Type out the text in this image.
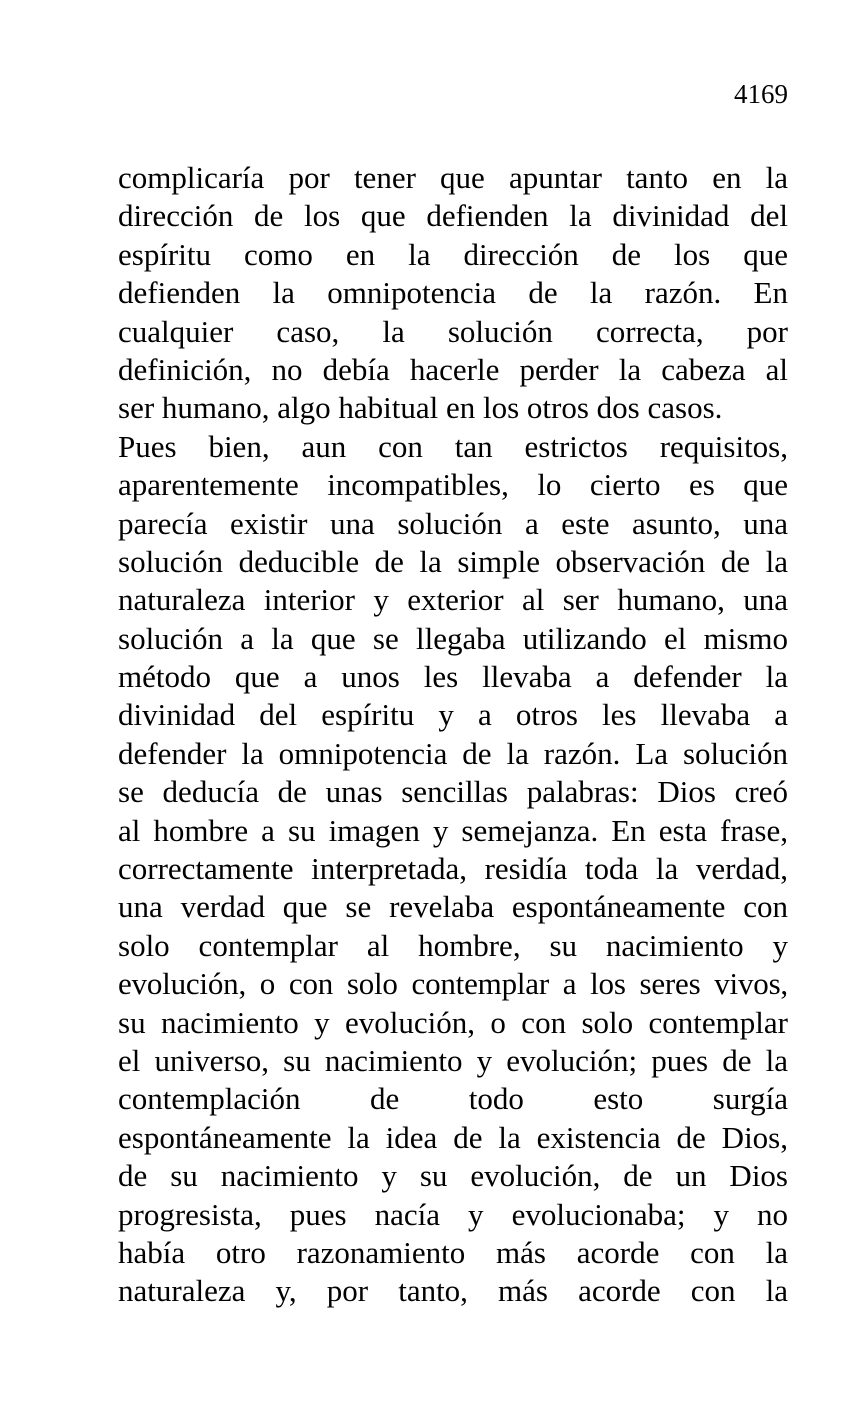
4169
complicaría por tener que apuntar tanto en la
dirección de los que defienden la divinidad del
espíritu como en la dirección de los que
defienden la omnipotencia de la razón. En
cualquier caso, la solución correcta, por
definición, no debía hacerle perder la cabeza al
ser humano, algo habitual en los otros dos casos.
Pues bien, aun con tan estrictos requisitos,
aparentemente incompatibles, lo cierto es que
parecía existir una solución a este asunto, una
solución deducible de la simple observación de la
naturaleza interior y exterior al ser humano, una
solución a la que se llegaba utilizando el mismo
método que a unos les llevaba a defender la
divinidad del espíritu y a otros les llevaba a
defender la omnipotencia de la razón. La solución
se deducía de unas sencillas palabras: Dios creó
al hombre a su imagen y semejanza. En esta frase,
correctamente interpretada, residía toda la verdad,
una verdad que se revelaba espontáneamente con
solo contemplar al hombre, su nacimiento y
evolución, o con solo contemplar a los seres vivos,
su nacimiento y evolución, o con solo contemplar
el universo, su nacimiento y evolución; pues de la
contemplación de todo esto surgía
espontáneamente la idea de la existencia de Dios,
de su nacimiento y su evolución, de un Dios
progresista, pues nacía y evolucionaba; y no
había otro razonamiento más acorde con la
naturaleza y, por tanto, más acorde con la
